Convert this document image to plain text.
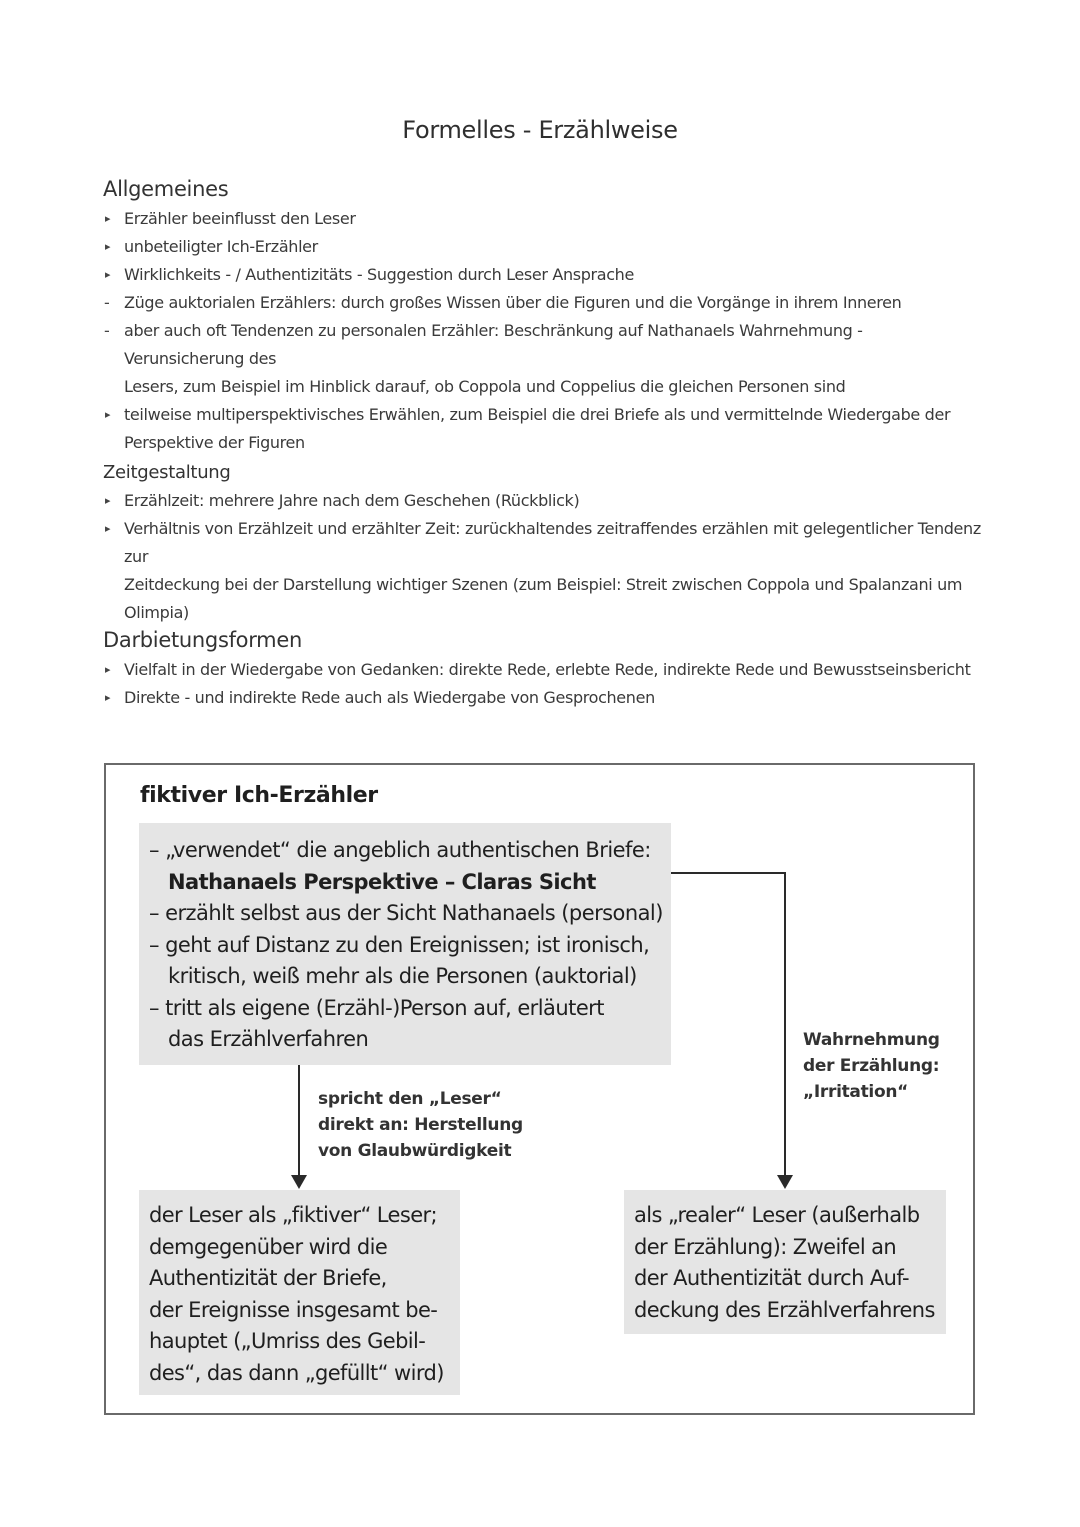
Formelles - Erzählweise
Allgemeines
▸ Erzähler beeinflusst den Leser
▸ unbeteiligter Ich-Erzähler
▸ Wirklichkeits - / Authentizitäts - Suggestion durch Leser Ansprache
- Züge auktorialen Erzählers: durch großes Wissen über die Figuren und die Vorgänge in ihrem Inneren
- aber auch oft Tendenzen zu personalen Erzähler: Beschränkung auf Nathanaels Wahrnehmung - Verunsicherung des
Lesers, zum Beispiel im Hinblick darauf, ob Coppola und Coppelius die gleichen Personen sind
▸ teilweise multiperspektivisches Erwählen, zum Beispiel die drei Briefe als und vermittelnde Wiedergabe der
Perspektive der Figuren
Zeitgestaltung
▸ Erzählzeit: mehrere Jahre nach dem Geschehen (Rückblick)
▸ Verhältnis von Erzählzeit und erzählter Zeit: zurückhaltendes zeitraffendes erzählen mit gelegentlicher Tendenz zur
Zeitdeckung bei der Darstellung wichtiger Szenen (zum Beispiel: Streit zwischen Coppola und Spalanzani um Olimpia)
Darbietungsformen
▸ Vielfalt in der Wiedergabe von Gedanken: direkte Rede, erlebte Rede, indirekte Rede und Bewusstseinsbericht
▸ Direkte - und indirekte Rede auch als Wiedergabe von Gesprochenen
fiktiver Ich-Erzähler
– „verwendet“ die angeblich authentischen Briefe:
Nathanaels Perspektive – Claras Sicht
– erzählt selbst aus der Sicht Nathanaels (personal)
– geht auf Distanz zu den Ereignissen; ist ironisch,
kritisch, weiß mehr als die Personen (auktorial)
– tritt als eigene (Erzähl-)Person auf, erläutert
das Erzählverfahren
spricht den „Leser“
direkt an: Herstellung
von Glaubwürdigkeit
Wahrnehmung
der Erzählung:
„Irritation“
der Leser als „fiktiver“ Leser;
demgegenüber wird die
Authentizität der Briefe,
der Ereignisse insgesamt be-
hauptet („Umriss des Gebil-
des“, das dann „gefüllt“ wird)
als „realer“ Leser (außerhalb
der Erzählung): Zweifel an
der Authentizität durch Auf-
deckung des Erzählverfahrens
